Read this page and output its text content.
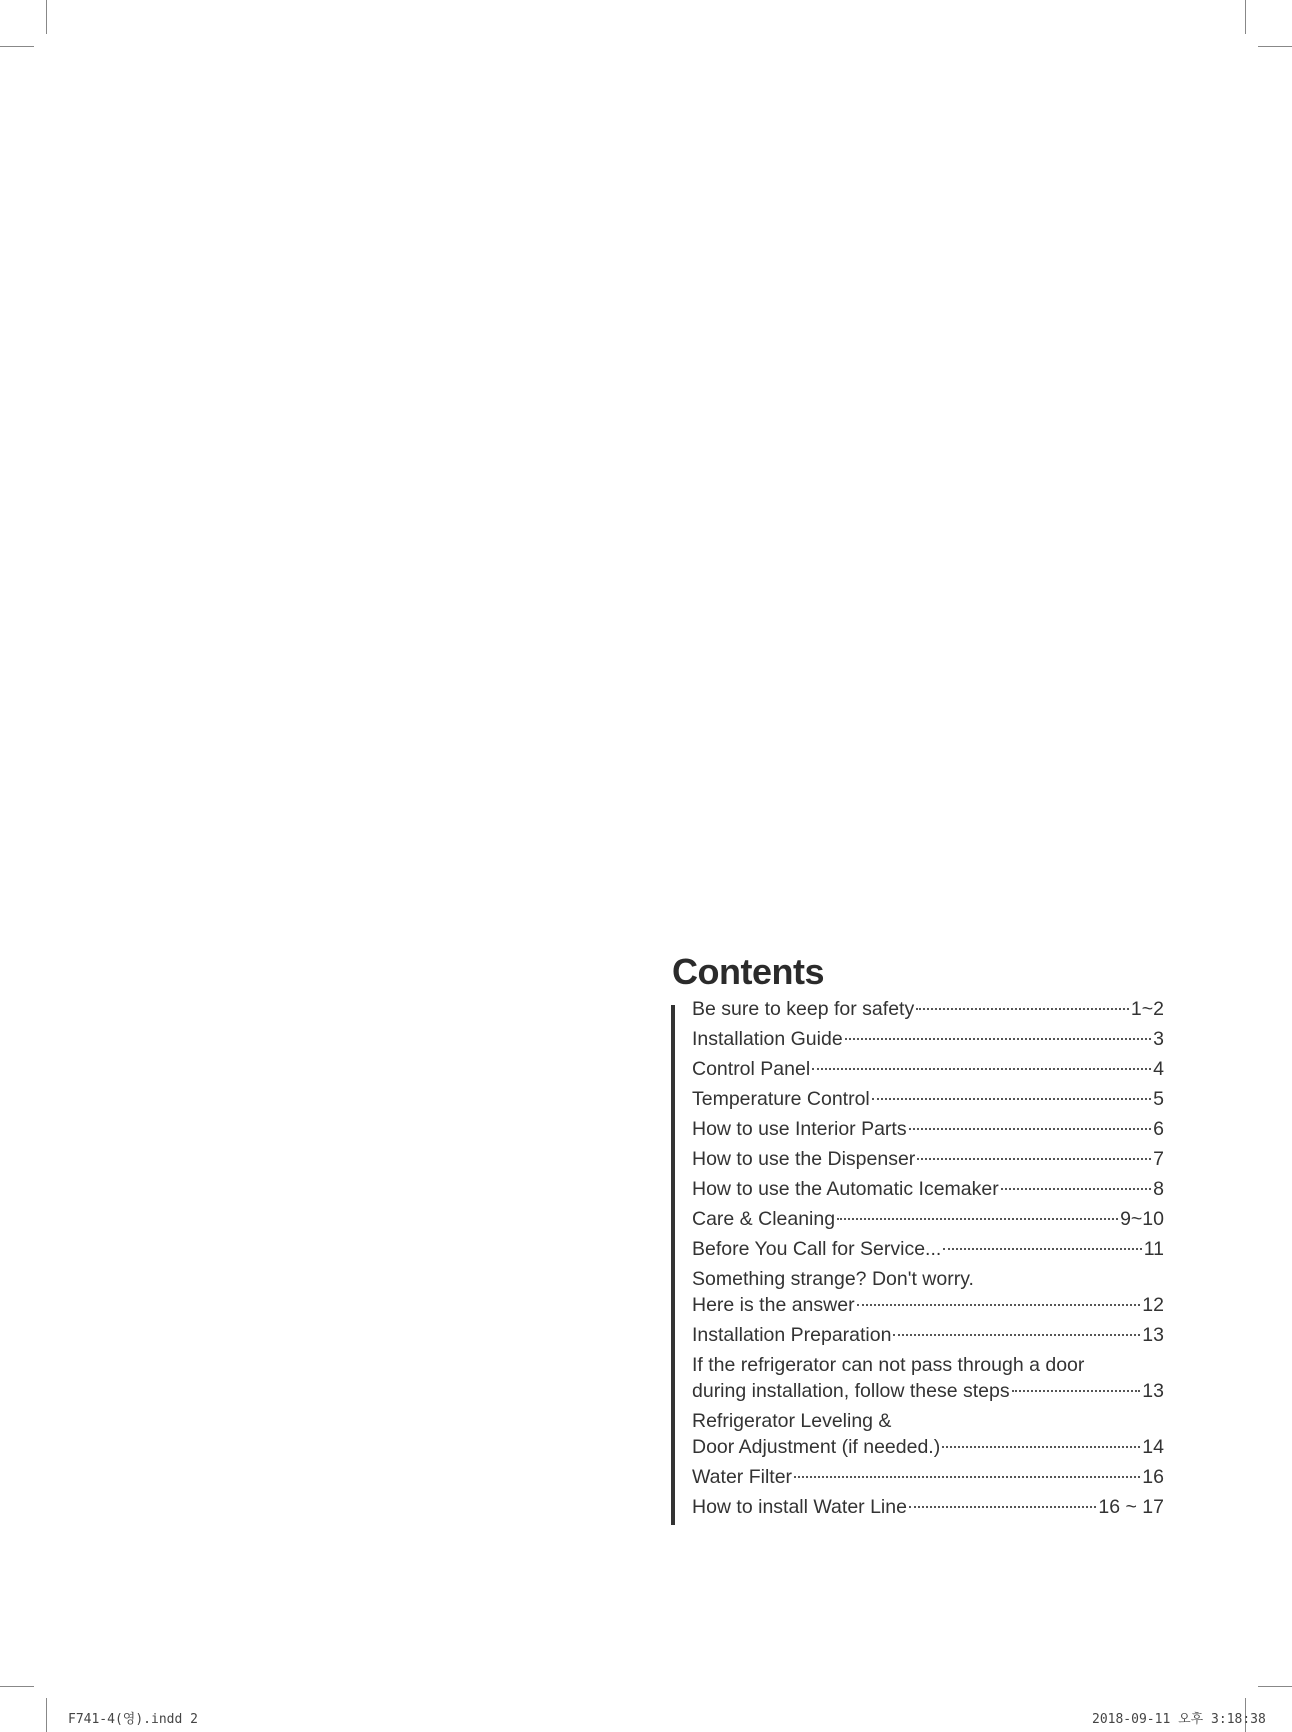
Contents
Be sure to keep for safety	1~2
Installation Guide	3
Control Panel	4
Temperature Control	5
How to use Interior Parts	6
How to use the Dispenser	7
How to use the Automatic Icemaker	8
Care & Cleaning	9~10
Before You Call for Service...	11
Something strange? Don't worry.
Here is the answer	12
Installation Preparation	13
If the refrigerator can not pass through a door
during installation, follow these steps	13
Refrigerator Leveling &
Door Adjustment (if needed.)	14
Water Filter	16
How to install Water Line	16 ~ 17
F741-4(영).indd 2	2018-09-11 오후 3:18:38
